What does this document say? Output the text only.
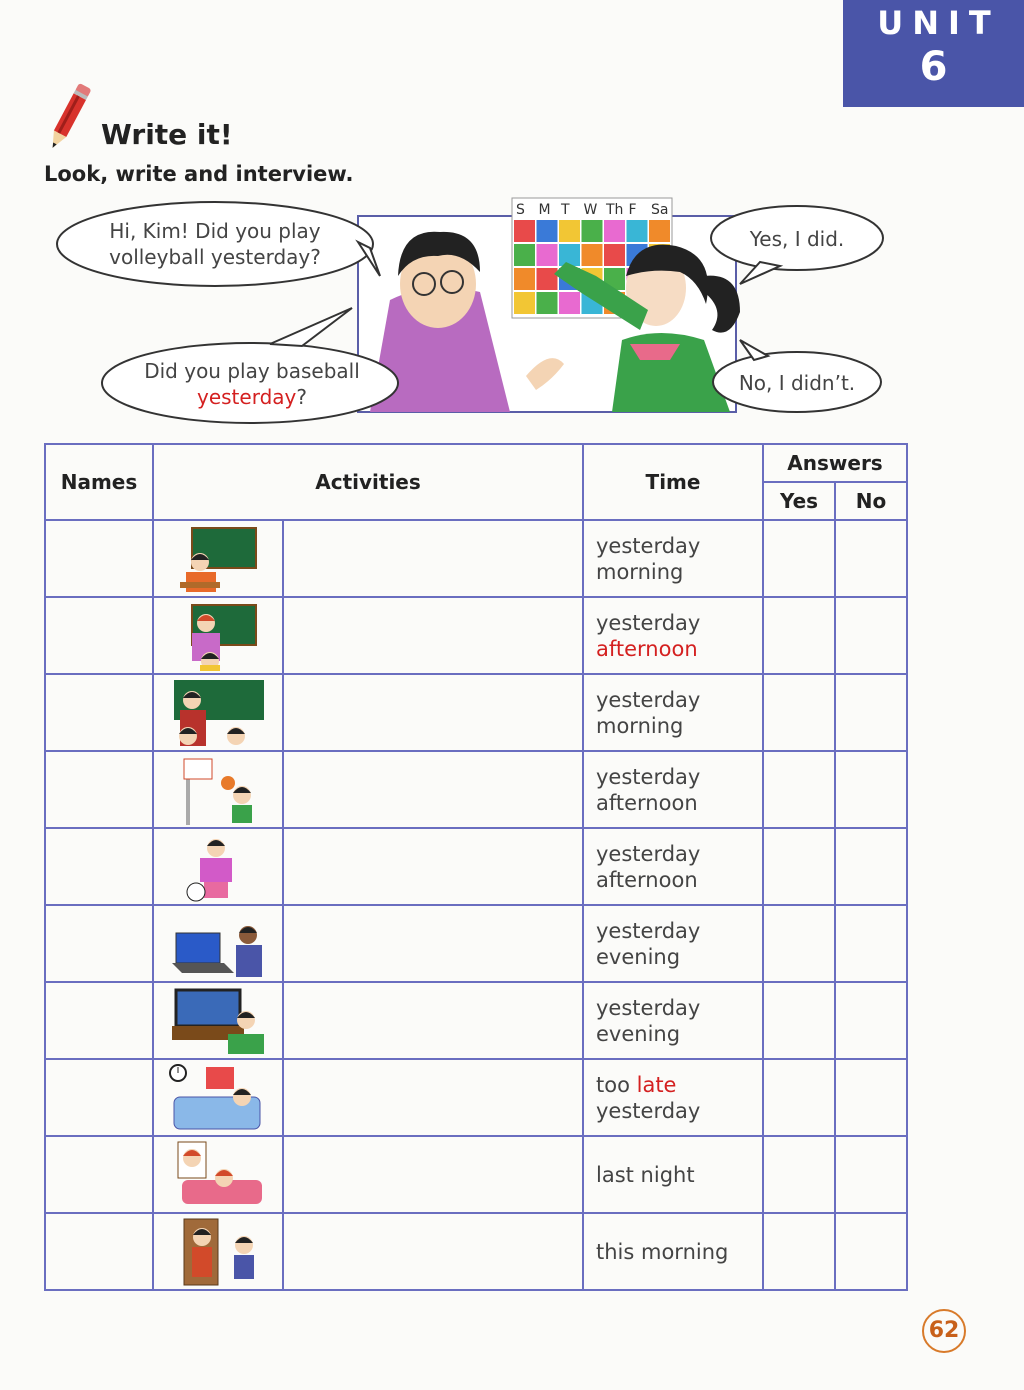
UNIT
6
Write it!
Look, write and interview.
S M T W Th F Sa
Hi, Kim! Did you play volleyball yesterday?
Did you play baseball
yesterday?
Yes, I did.
No, I didn’t.
Names	Activities		Time	Answers	
				Yes	No

		yesterday
morning		

		yesterday
afternoon		

		yesterday
morning		

		yesterday
afternoon		

		yesterday
afternoon		

		yesterday
evening		

		yesterday
evening		

		too late
yesterday		

		last night		

		this morning		
62
